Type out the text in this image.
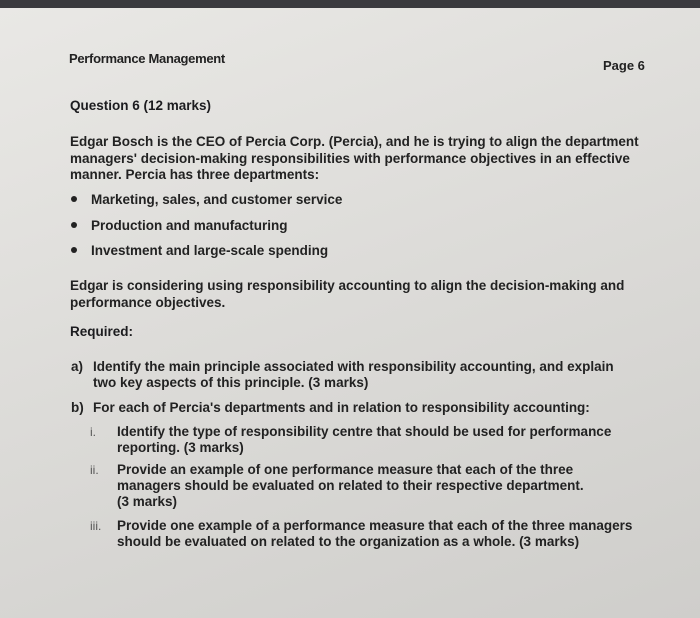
Performance Management	Page 6
Question 6 (12 marks)
Edgar Bosch is the CEO of Percia Corp. (Percia), and he is trying to align the department managers' decision-making responsibilities with performance objectives in an effective manner. Percia has three departments:
Marketing, sales, and customer service
Production and manufacturing
Investment and large-scale spending
Edgar is considering using responsibility accounting to align the decision-making and performance objectives.
Required:
a) Identify the main principle associated with responsibility accounting, and explain two key aspects of this principle. (3 marks)
b) For each of Percia's departments and in relation to responsibility accounting:
i. Identify the type of responsibility centre that should be used for performance reporting. (3 marks)
ii. Provide an example of one performance measure that each of the three managers should be evaluated on related to their respective department. (3 marks)
iii. Provide one example of a performance measure that each of the three managers should be evaluated on related to the organization as a whole. (3 marks)
